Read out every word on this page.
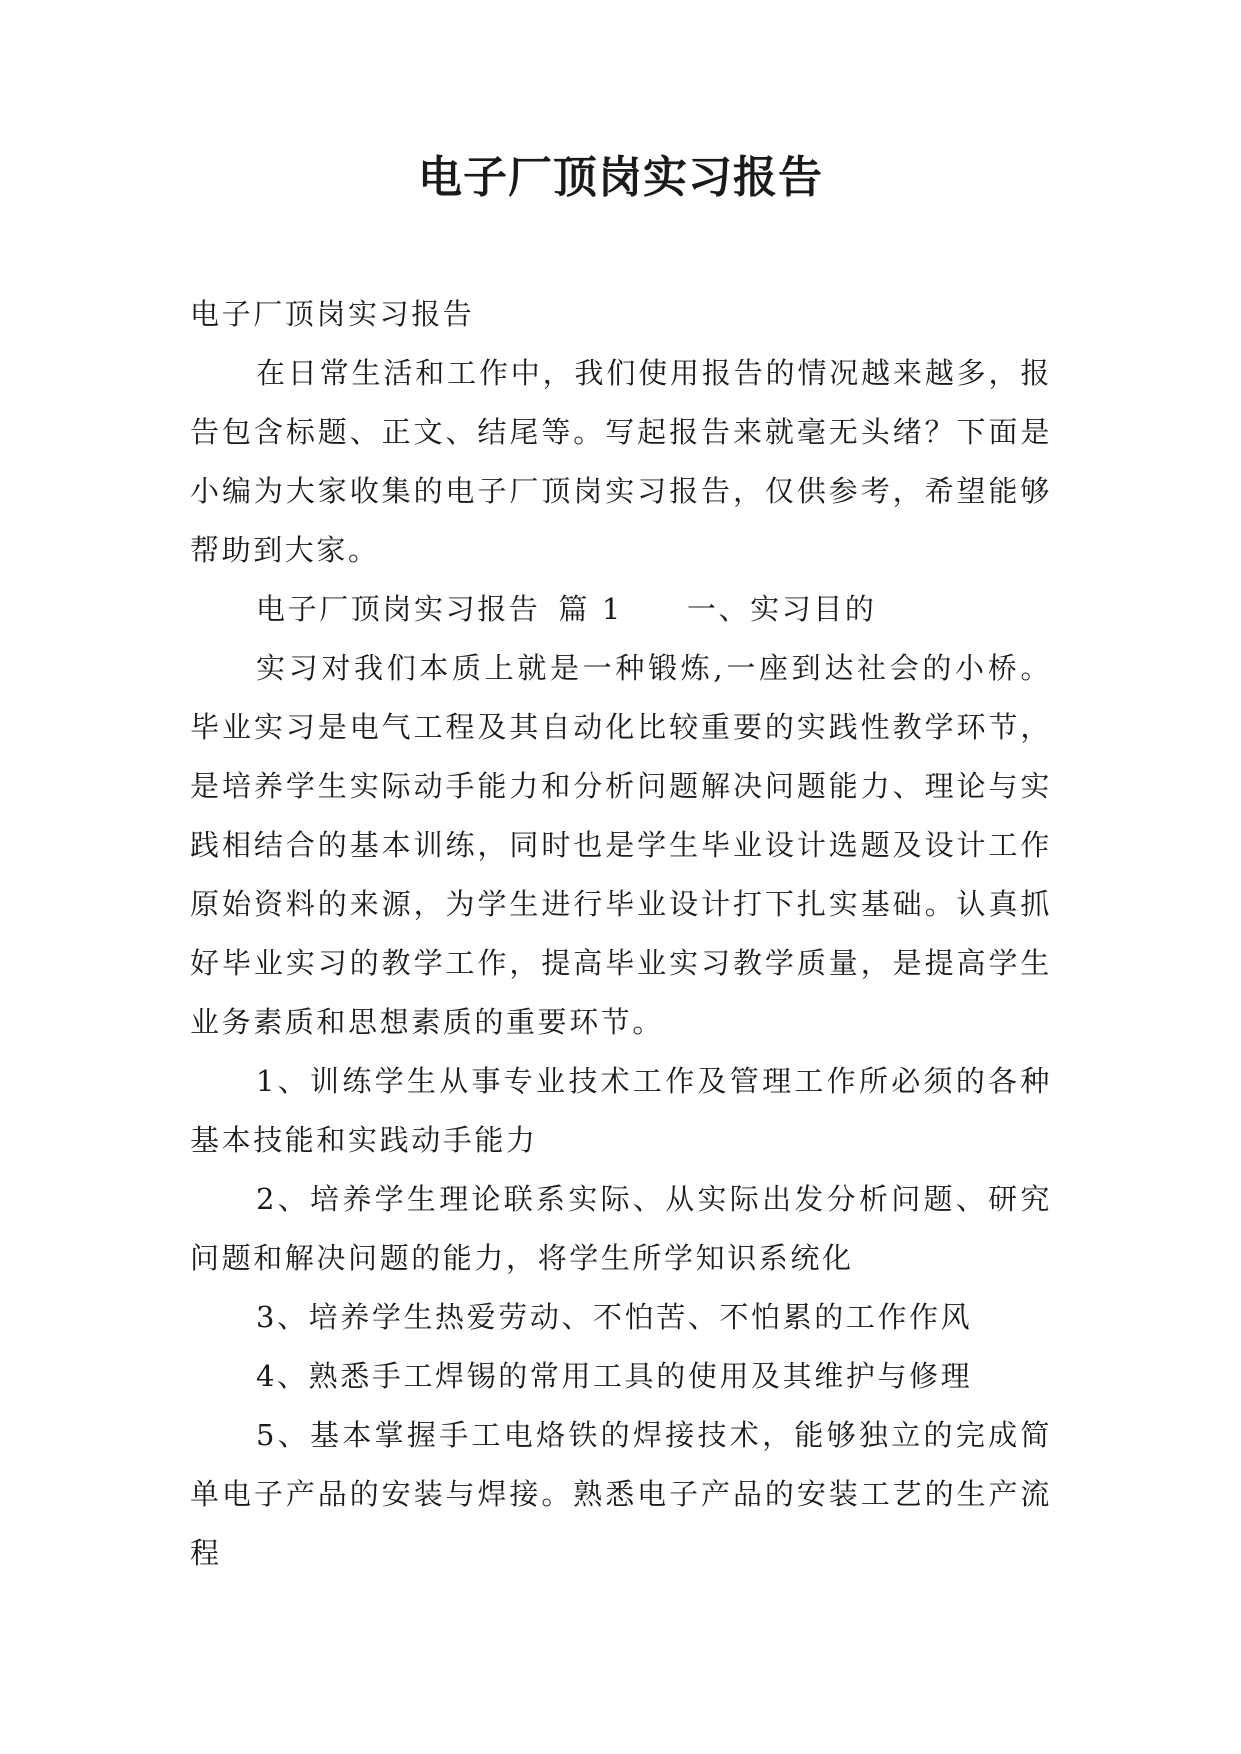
电子厂顶岗实习报告

电子厂顶岗实习报告

在日常生活和工作中，我们使用报告的情况越来越多，报告包含标题、正文、结尾等。写起报告来就毫无头绪？下面是小编为大家收集的电子厂顶岗实习报告，仅供参考，希望能够帮助到大家。

电子厂顶岗实习报告 篇 1 一、实习目的

实习对我们本质上就是一种锻炼,一座到达社会的小桥。毕业实习是电气工程及其自动化比较重要的实践性教学环节，是培养学生实际动手能力和分析问题解决问题能力、理论与实践相结合的基本训练，同时也是学生毕业设计选题及设计工作原始资料的来源，为学生进行毕业设计打下扎实基础。认真抓好毕业实习的教学工作，提高毕业实习教学质量，是提高学生业务素质和思想素质的重要环节。

1、训练学生从事专业技术工作及管理工作所必须的各种基本技能和实践动手能力

2、培养学生理论联系实际、从实际出发分析问题、研究问题和解决问题的能力，将学生所学知识系统化

3、培养学生热爱劳动、不怕苦、不怕累的工作作风

4、熟悉手工焊锡的常用工具的使用及其维护与修理

5、基本掌握手工电烙铁的焊接技术，能够独立的完成简单电子产品的安装与焊接。熟悉电子产品的安装工艺的生产流程
